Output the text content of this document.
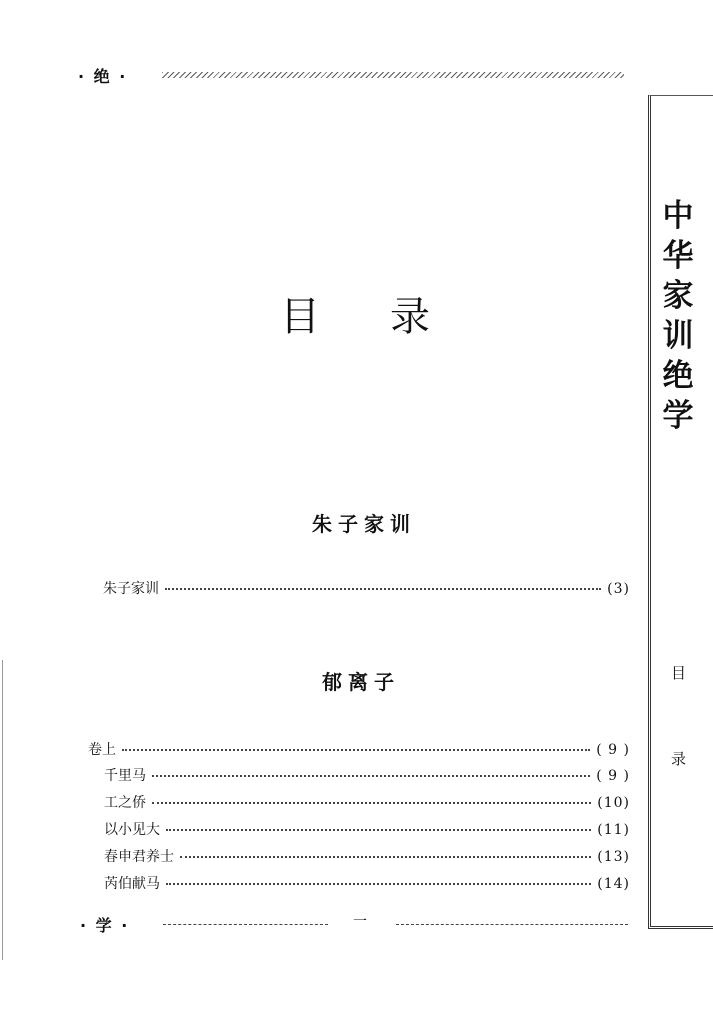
· 绝 ·
中
华
家
训
绝
学
目
录
目录
朱子家训
朱子家训	(3)
郁离子
卷上	( 9 )
千里马	( 9 )
工之侨	(10)
以小见大	(11)
春申君养士	(13)
芮伯献马	(14)
· 学 ·	一
